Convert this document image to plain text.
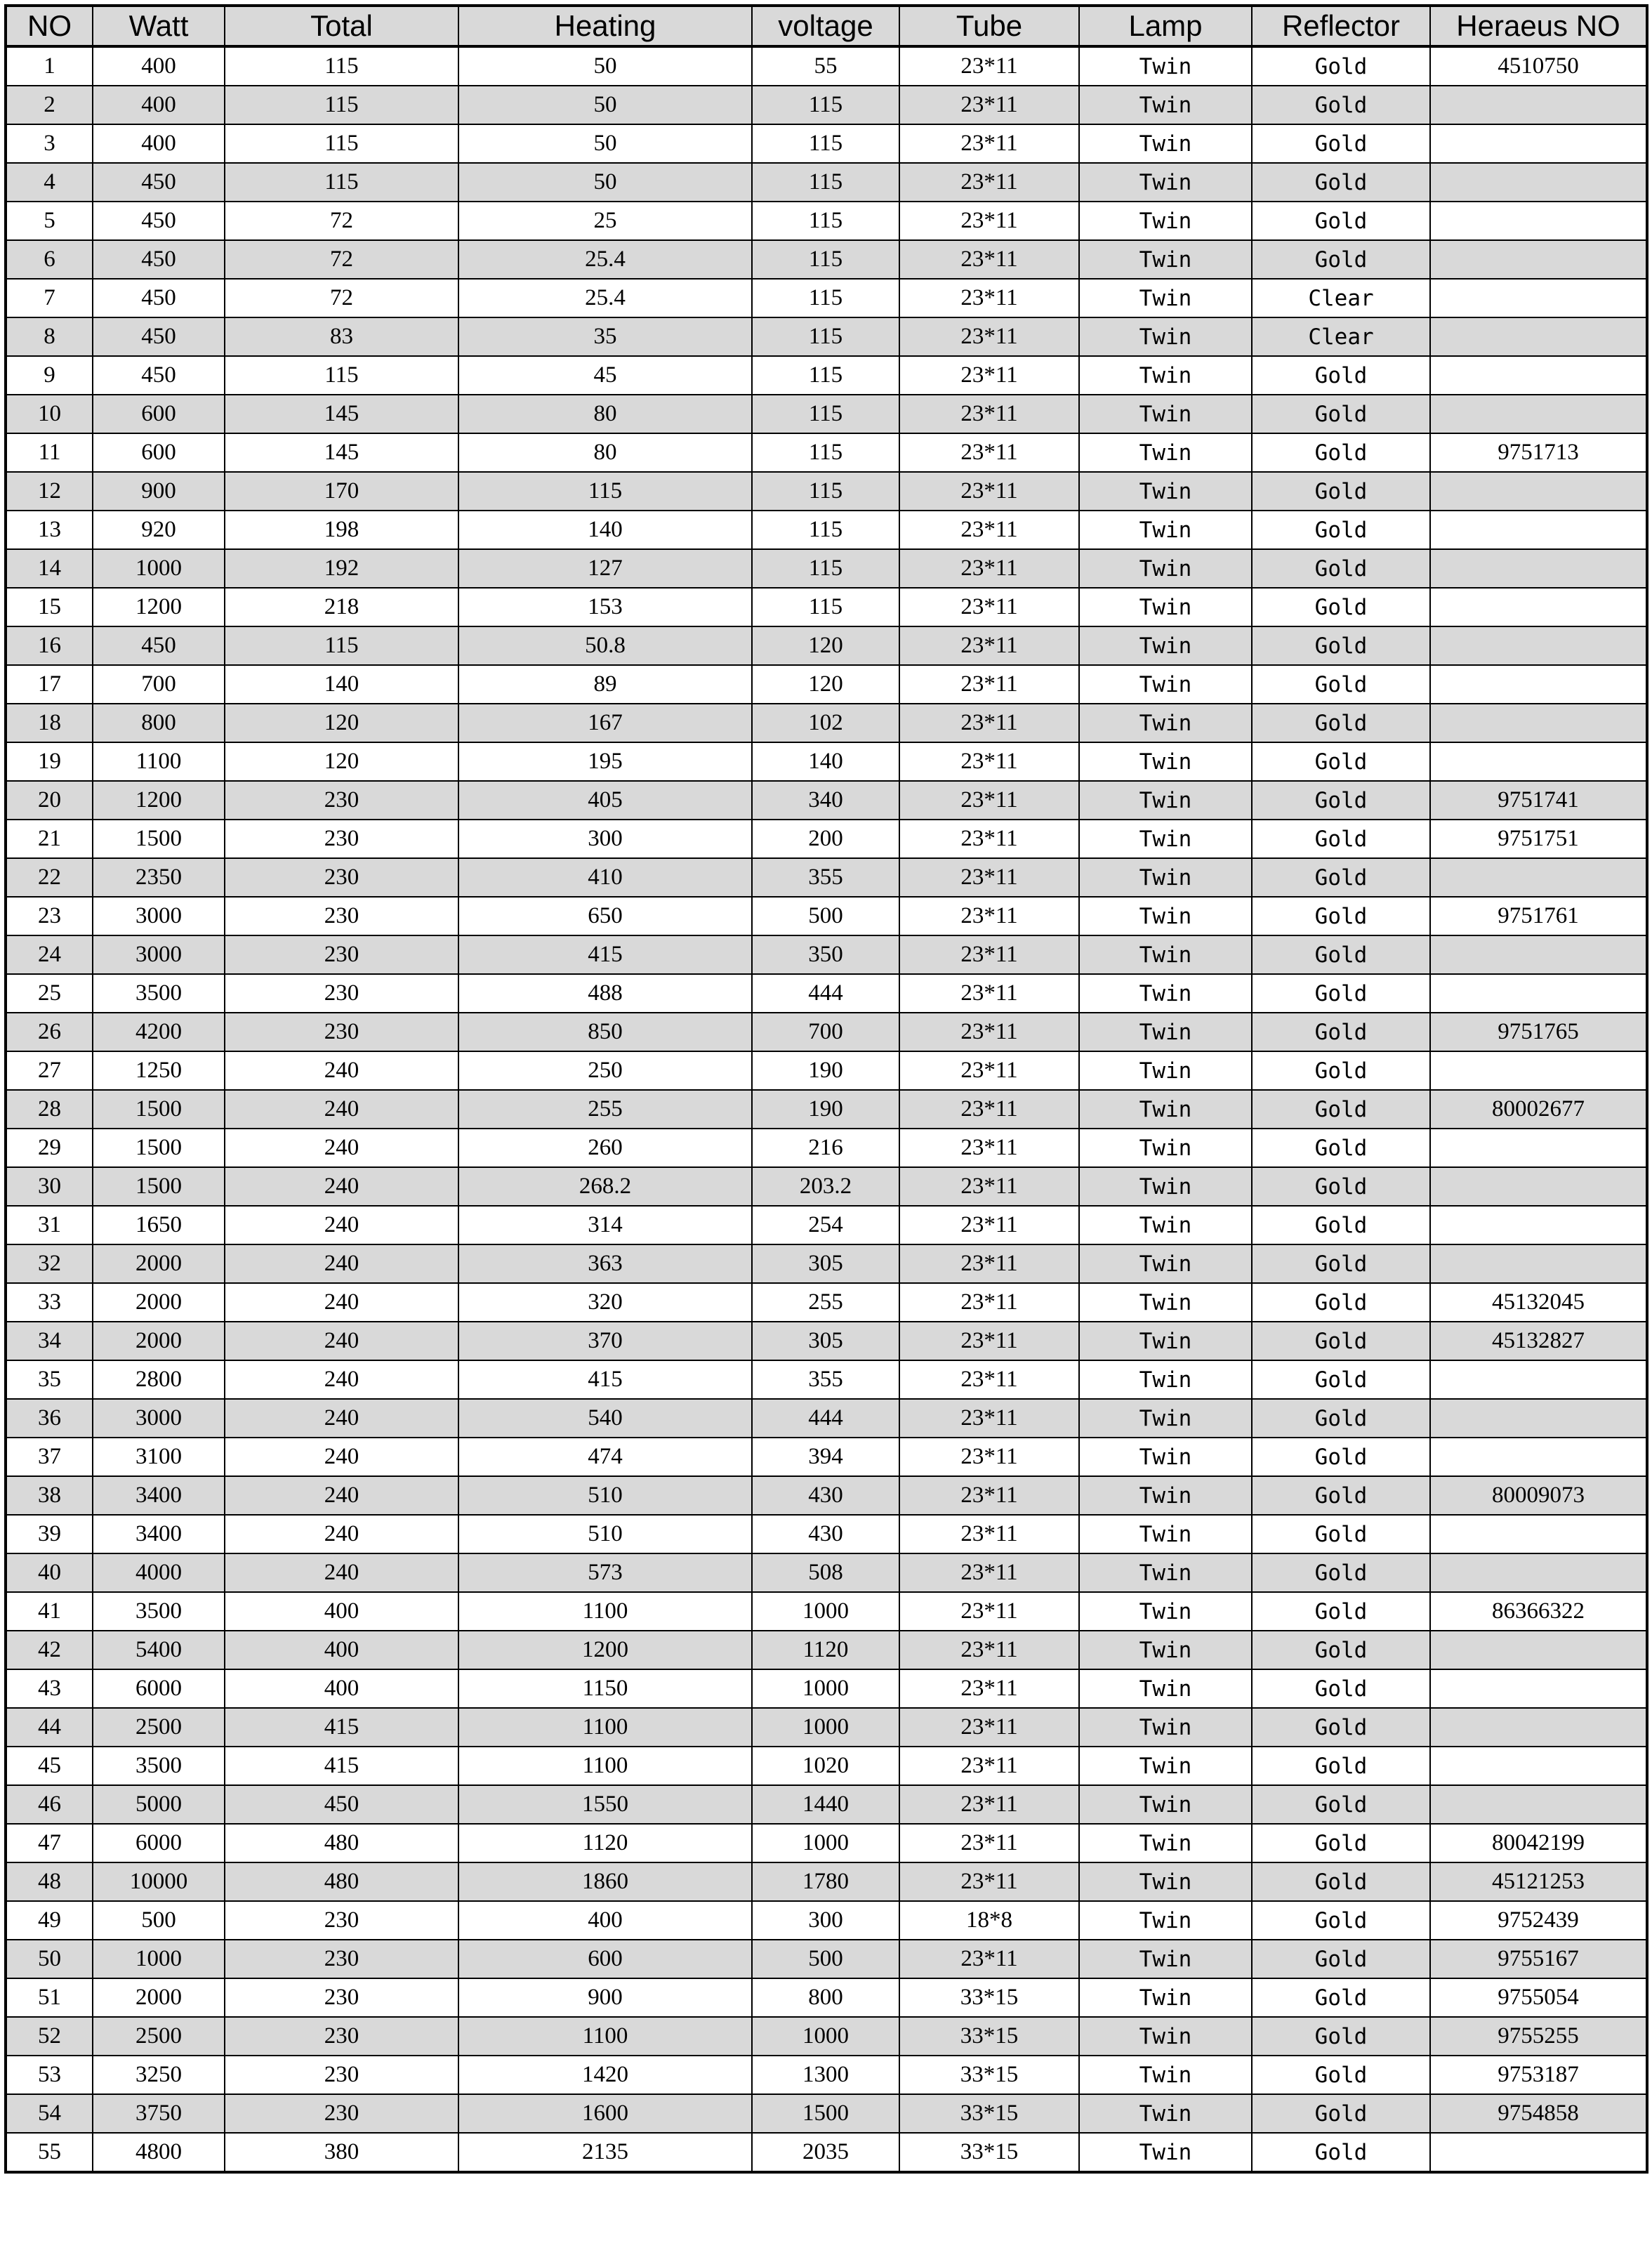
NO	Watt	Total	Heating	voltage	Tube	Lamp	Reflector	Heraeus NO
1	400	115	50	55	23*11	Twin	Gold	4510750
2	400	115	50	115	23*11	Twin	Gold	
3	400	115	50	115	23*11	Twin	Gold	
4	450	115	50	115	23*11	Twin	Gold	
5	450	72	25	115	23*11	Twin	Gold	
6	450	72	25.4	115	23*11	Twin	Gold	
7	450	72	25.4	115	23*11	Twin	Clear	
8	450	83	35	115	23*11	Twin	Clear	
9	450	115	45	115	23*11	Twin	Gold	
10	600	145	80	115	23*11	Twin	Gold	
11	600	145	80	115	23*11	Twin	Gold	9751713
12	900	170	115	115	23*11	Twin	Gold	
13	920	198	140	115	23*11	Twin	Gold	
14	1000	192	127	115	23*11	Twin	Gold	
15	1200	218	153	115	23*11	Twin	Gold	
16	450	115	50.8	120	23*11	Twin	Gold	
17	700	140	89	120	23*11	Twin	Gold	
18	800	120	167	102	23*11	Twin	Gold	
19	1100	120	195	140	23*11	Twin	Gold	
20	1200	230	405	340	23*11	Twin	Gold	9751741
21	1500	230	300	200	23*11	Twin	Gold	9751751
22	2350	230	410	355	23*11	Twin	Gold	
23	3000	230	650	500	23*11	Twin	Gold	9751761
24	3000	230	415	350	23*11	Twin	Gold	
25	3500	230	488	444	23*11	Twin	Gold	
26	4200	230	850	700	23*11	Twin	Gold	9751765
27	1250	240	250	190	23*11	Twin	Gold	
28	1500	240	255	190	23*11	Twin	Gold	80002677
29	1500	240	260	216	23*11	Twin	Gold	
30	1500	240	268.2	203.2	23*11	Twin	Gold	
31	1650	240	314	254	23*11	Twin	Gold	
32	2000	240	363	305	23*11	Twin	Gold	
33	2000	240	320	255	23*11	Twin	Gold	45132045
34	2000	240	370	305	23*11	Twin	Gold	45132827
35	2800	240	415	355	23*11	Twin	Gold	
36	3000	240	540	444	23*11	Twin	Gold	
37	3100	240	474	394	23*11	Twin	Gold	
38	3400	240	510	430	23*11	Twin	Gold	80009073
39	3400	240	510	430	23*11	Twin	Gold	
40	4000	240	573	508	23*11	Twin	Gold	
41	3500	400	1100	1000	23*11	Twin	Gold	86366322
42	5400	400	1200	1120	23*11	Twin	Gold	
43	6000	400	1150	1000	23*11	Twin	Gold	
44	2500	415	1100	1000	23*11	Twin	Gold	
45	3500	415	1100	1020	23*11	Twin	Gold	
46	5000	450	1550	1440	23*11	Twin	Gold	
47	6000	480	1120	1000	23*11	Twin	Gold	80042199
48	10000	480	1860	1780	23*11	Twin	Gold	45121253
49	500	230	400	300	18*8	Twin	Gold	9752439
50	1000	230	600	500	23*11	Twin	Gold	9755167
51	2000	230	900	800	33*15	Twin	Gold	9755054
52	2500	230	1100	1000	33*15	Twin	Gold	9755255
53	3250	230	1420	1300	33*15	Twin	Gold	9753187
54	3750	230	1600	1500	33*15	Twin	Gold	9754858
55	4800	380	2135	2035	33*15	Twin	Gold	
